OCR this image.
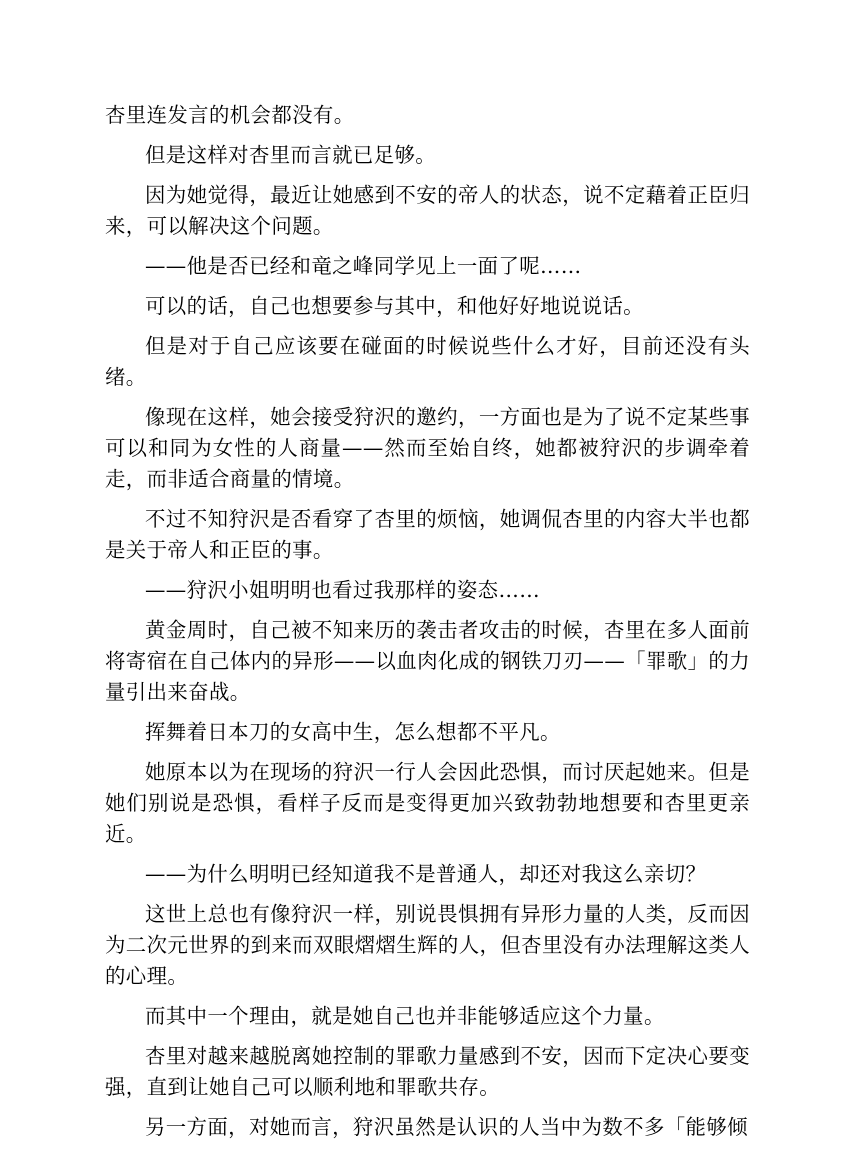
杏里连发言的机会都没有。

但是这样对杏里而言就已足够。

因为她觉得，最近让她感到不安的帝人的状态，说不定藉着正臣归来，可以解决这个问题。

——他是否已经和竜之峰同学见上一面了呢……

可以的话，自己也想要参与其中，和他好好地说说话。

但是对于自己应该要在碰面的时候说些什么才好，目前还没有头绪。

像现在这样，她会接受狩沢的邀约，一方面也是为了说不定某些事可以和同为女性的人商量——然而至始自终，她都被狩沢的步调牵着走，而非适合商量的情境。

不过不知狩沢是否看穿了杏里的烦恼，她调侃杏里的内容大半也都是关于帝人和正臣的事。

——狩沢小姐明明也看过我那样的姿态……

黄金周时，自己被不知来历的袭击者攻击的时候，杏里在多人面前将寄宿在自己体内的异形——以血肉化成的钢铁刀刃——「罪歌」的力量引出来奋战。

挥舞着日本刀的女高中生，怎么想都不平凡。

她原本以为在现场的狩沢一行人会因此恐惧，而讨厌起她来。但是她们别说是恐惧，看样子反而是变得更加兴致勃勃地想要和杏里更亲近。

——为什么明明已经知道我不是普通人，却还对我这么亲切？

这世上总也有像狩沢一样，别说畏惧拥有异形力量的人类，反而因为二次元世界的到来而双眼熠熠生辉的人，但杏里没有办法理解这类人的心理。

而其中一个理由，就是她自己也并非能够适应这个力量。

杏里对越来越脱离她控制的罪歌力量感到不安，因而下定决心要变强，直到让她自己可以顺利地和罪歌共存。

另一方面，对她而言，狩沢虽然是认识的人当中为数不多「能够倾
